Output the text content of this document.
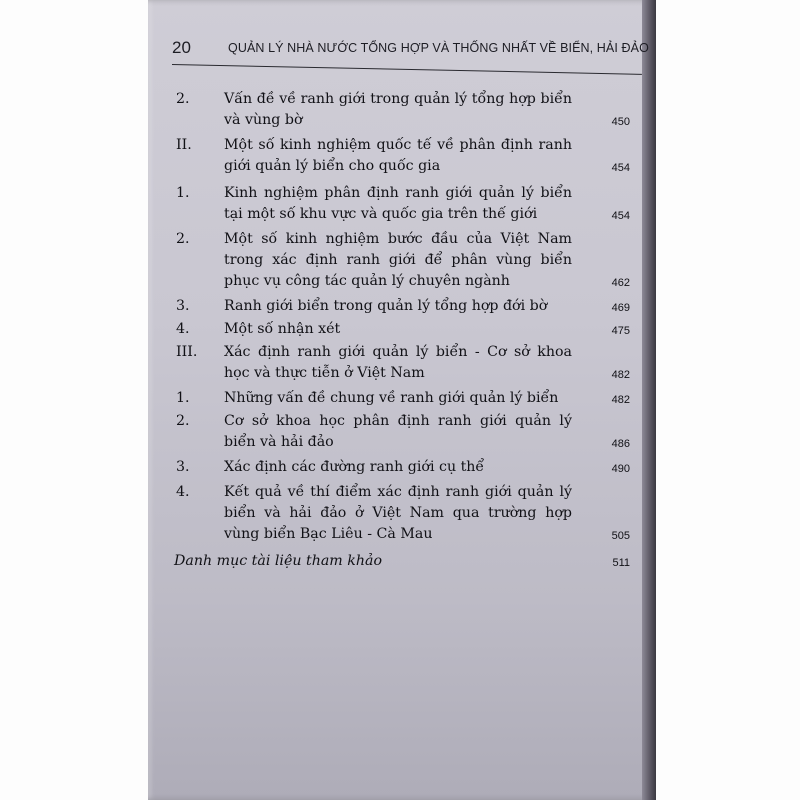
20	QUẢN LÝ NHÀ NƯỚC TỔNG HỢP VÀ THỐNG NHẤT VỀ BIỂN, HẢI ĐẢO
2.	Vấn đề về ranh giới trong quản lý tổng hợp biển và vùng bờ	450
II.	Một số kinh nghiệm quốc tế về phân định ranh giới quản lý biển cho quốc gia	454
1.	Kinh nghiệm phân định ranh giới quản lý biển tại một số khu vực và quốc gia trên thế giới	454
2.	Một số kinh nghiệm bước đầu của Việt Nam trong xác định ranh giới để phân vùng biển phục vụ công tác quản lý chuyên ngành	462
3.	Ranh giới biển trong quản lý tổng hợp đới bờ	469
4.	Một số nhận xét	475
III.	Xác định ranh giới quản lý biển - Cơ sở khoa học và thực tiễn ở Việt Nam	482
1.	Những vấn đề chung về ranh giới quản lý biển	482
2.	Cơ sở khoa học phân định ranh giới quản lý biển và hải đảo	486
3.	Xác định các đường ranh giới cụ thể	490
4.	Kết quả về thí điểm xác định ranh giới quản lý biển và hải đảo ở Việt Nam qua trường hợp vùng biển Bạc Liêu - Cà Mau	505
Danh mục tài liệu tham khảo	511
